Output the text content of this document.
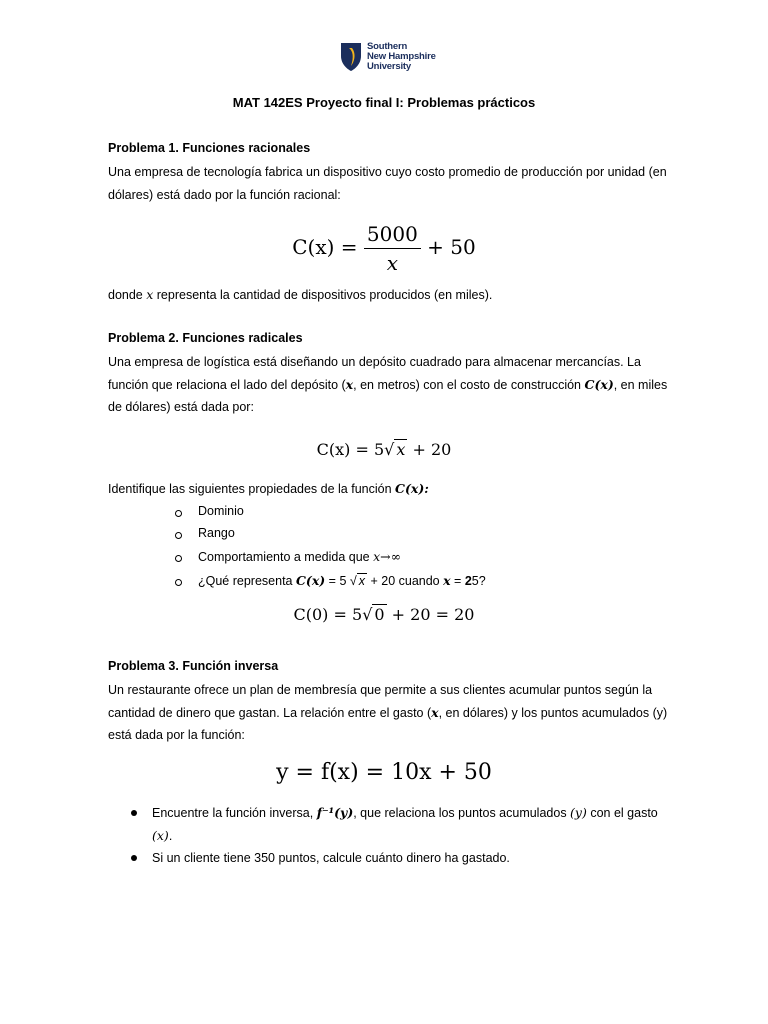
Southern
New Hampshire
University
MAT 142ES Proyecto final I: Problemas prácticos
Problema 1. Funciones racionales
Una empresa de tecnología fabrica un dispositivo cuyo costo promedio de producción por unidad (en dólares) está dado por la función racional:
donde x representa la cantidad de dispositivos producidos (en miles).
Problema 2. Funciones radicales
Una empresa de logística está diseñando un depósito cuadrado para almacenar mercancías. La función que relaciona el lado del depósito (x, en metros) con el costo de construcción C(x), en miles de dólares) está dada por:
Identifique las siguientes propiedades de la función C(x):
Dominio
Rango
Comportamiento a medida que x→∞
¿Qué representa C(x) = 5 √ x + 20 cuando x = 25?
Problema 3. Función inversa
Un restaurante ofrece un plan de membresía que permite a sus clientes acumular puntos según la cantidad de dinero que gastan. La relación entre el gasto (x, en dólares) y los puntos acumulados (y) está dada por la función:
Encuentre la función inversa, f⁻¹(y), que relaciona los puntos acumulados (y) con el gasto (x).
Si un cliente tiene 350 puntos, calcule cuánto dinero ha gastado.
$C(x) = \frac{5000}{x} + 50$
C(x) = 5√ x + 20
C(0) = 5√ 0 + 20 = 20
y = f(x) = 10x + 50
